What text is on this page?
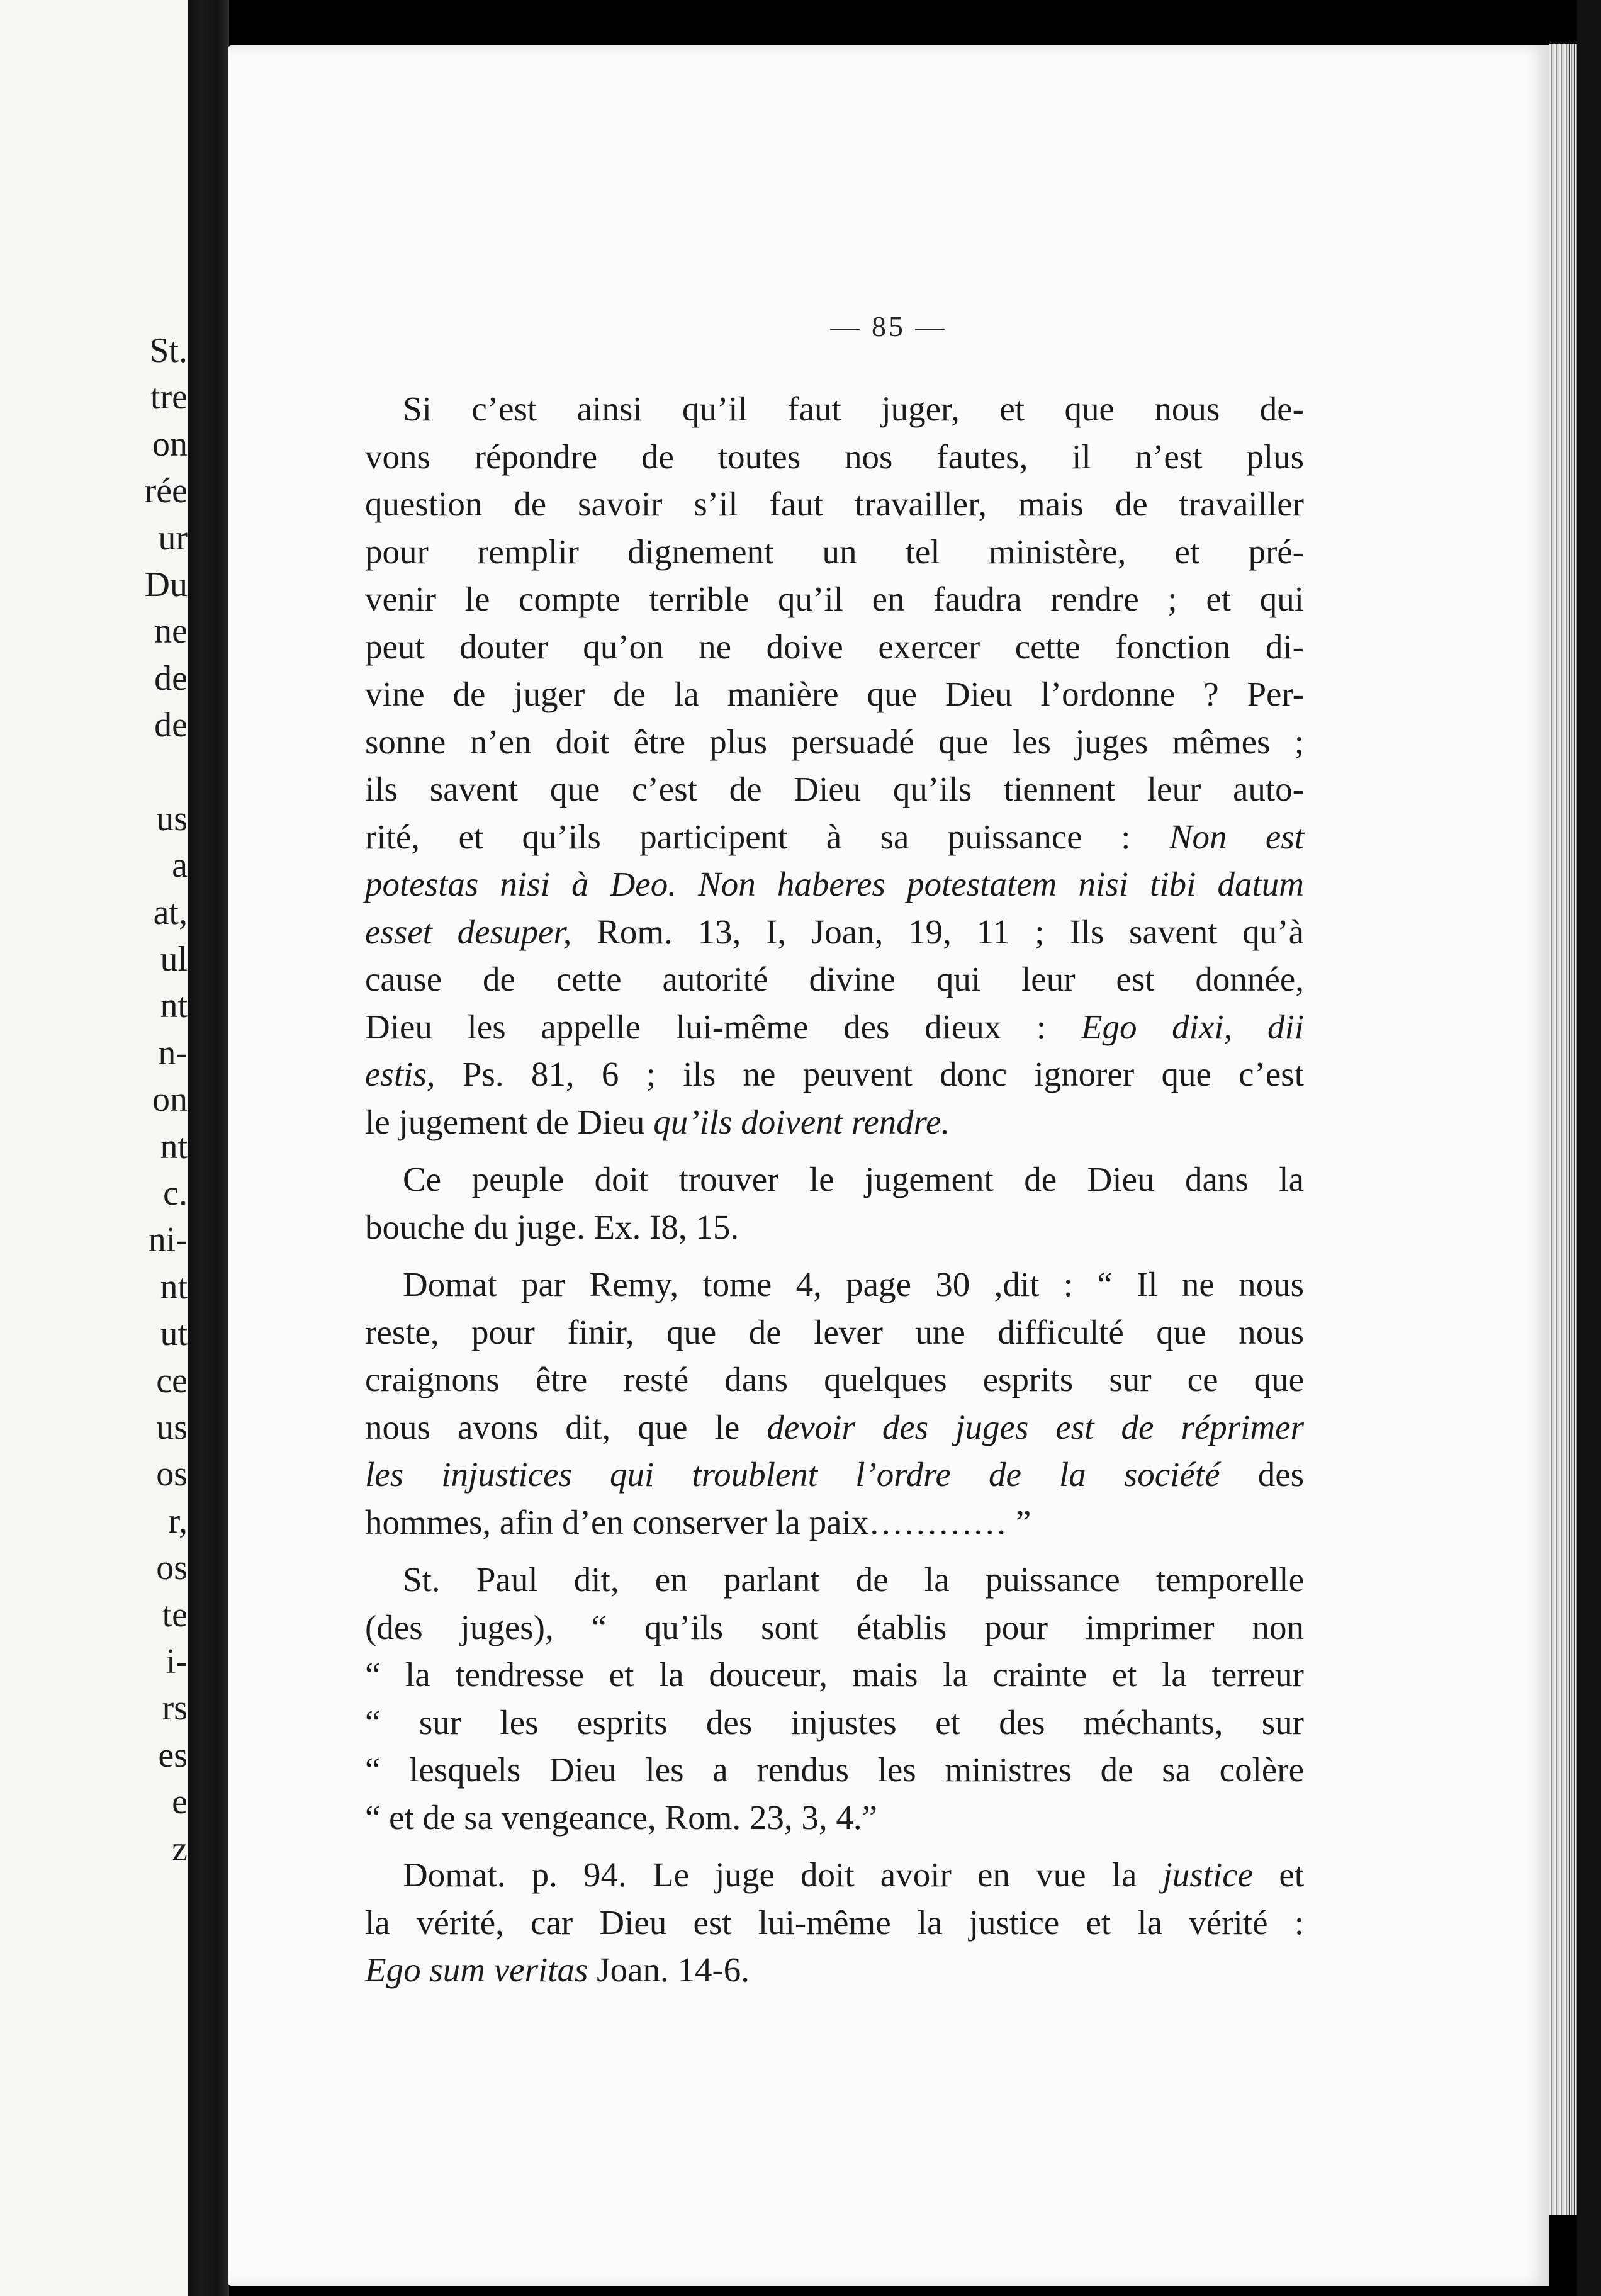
St.
tre
on
rée
ur
Du
ne
de
de
us
a
at,
ul
nt
n-
on
nt
c.
ni-
nt
ut
ce
us
os
r,
os
te
i-
rs
es
e
z
— 85 —
Si c’est ainsi qu’il faut juger, et que nous de-
vons répondre de toutes nos fautes, il n’est plus
question de savoir s’il faut travailler, mais de travailler
pour remplir dignement un tel ministère, et pré-
venir le compte terrible qu’il en faudra rendre ; et qui
peut douter qu’on ne doive exercer cette fonction di-
vine de juger de la manière que Dieu l’ordonne ? Per-
sonne n’en doit être plus persuadé que les juges mêmes ;
ils savent que c’est de Dieu qu’ils tiennent leur auto-
rité, et qu’ils participent à sa puissance : Non est
potestas nisi à Deo. Non haberes potestatem nisi tibi datum
esset desuper, Rom. 13, I, Joan, 19, 11 ; Ils savent qu’à
cause de cette autorité divine qui leur est donnée,
Dieu les appelle lui-même des dieux : Ego dixi, dii
estis, Ps. 81, 6 ; ils ne peuvent donc ignorer que c’est
le jugement de Dieu qu’ils doivent rendre.
Ce peuple doit trouver le jugement de Dieu dans la
bouche du juge. Ex. I8, 15.
Domat par Remy, tome 4, page 30 ,dit : “ Il ne nous
reste, pour finir, que de lever une difficulté que nous
craignons être resté dans quelques esprits sur ce que
nous avons dit, que le devoir des juges est de réprimer
les injustices qui troublent l’ordre de la société des
hommes, afin d’en conserver la paix………… ”
St. Paul dit, en parlant de la puissance temporelle
(des juges), “ qu’ils sont établis pour imprimer non
“ la tendresse et la douceur, mais la crainte et la terreur
“ sur les esprits des injustes et des méchants, sur
“ lesquels Dieu les a rendus les ministres de sa colère
“ et de sa vengeance, Rom. 23, 3, 4.”
Domat. p. 94. Le juge doit avoir en vue la justice et
la vérité, car Dieu est lui-même la justice et la vérité :
Ego sum veritas Joan. 14-6.
